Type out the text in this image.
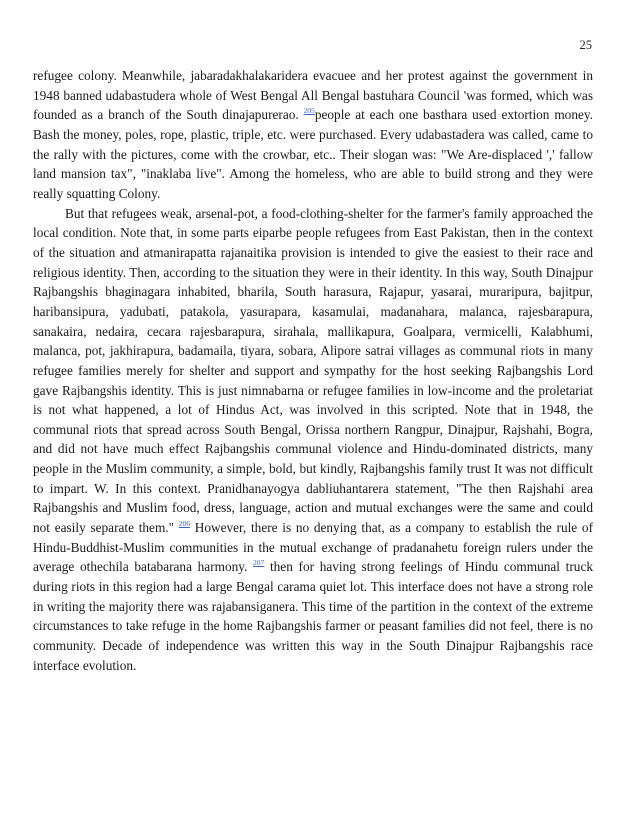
25

refugee colony. Meanwhile, jabaradakhalakaridera evacuee and her protest against the government in 1948 banned udabastudera whole of West Bengal All Bengal bastuhara Council 'was formed, which was founded as a branch of the South dinajapurerao. $^{205}$people at each one basthara used extortion money. Bash the money, poles, rope, plastic, triple, etc. were purchased. Every udabastadera was called, came to the rally with the pictures, come with the crowbar, etc.. Their slogan was: "We Are-displaced ',' fallow land mansion tax", "inaklaba live". Among the homeless, who are able to build strong and they were really squatting Colony.

But that refugees weak, arsenal-pot, a food-clothing-shelter for the farmer's family approached the local condition. Note that, in some parts eiparbe people refugees from East Pakistan, then in the context of the situation and atmanirapatta rajanaitika provision is intended to give the easiest to their race and religious identity. Then, according to the situation they were in their identity. In this way, South Dinajpur Rajbangshis bhaginagara inhabited, bharila, South harasura, Rajapur, yasarai, muraripura, bajitpur, haribansipura, yadubati, patakola, yasurapara, kasamulai, madanahara, malanca, rajesbarapura, sanakaira, nedaira, cecara rajesbarapura, sirahala, mallikapura, Goalpara, vermicelli, Kalabhumi, malanca, pot, jakhirapura, badamaila, tiyara, sobara, Alipore satrai villages as communal riots in many refugee families merely for shelter and support and sympathy for the host seeking Rajbangshis Lord gave Rajbangshis identity. This is just nimnabarna or refugee families in low-income and the proletariat is not what happened, a lot of Hindus Act, was involved in this scripted. Note that in 1948, the communal riots that spread across South Bengal, Orissa northern Rangpur, Dinajpur, Rajshahi, Bogra, and did not have much effect Rajbangshis communal violence and Hindu-dominated districts, many people in the Muslim community, a simple, bold, but kindly, Rajbangshis family trust It was not difficult to impart. W. In this context. Pranidhanayogya dabliuhantarera statement, "The then Rajshahi area Rajbangshis and Muslim food, dress, language, action and mutual exchanges were the same and could not easily separate them." $^{206}$ However, there is no denying that, as a company to establish the rule of Hindu-Buddhist-Muslim communities in the mutual exchange of pradanahetu foreign rulers under the average othechila batabarana harmony. $^{207}$ then for having strong feelings of Hindu communal truck during riots in this region had a large Bengal carama quiet lot. This interface does not have a strong role in writing the majority there was rajabansiganera. This time of the partition in the context of the extreme circumstances to take refuge in the home Rajbangshis farmer or peasant families did not feel, there is no community. Decade of independence was written this way in the South Dinajpur Rajbangshis race interface evolution.
